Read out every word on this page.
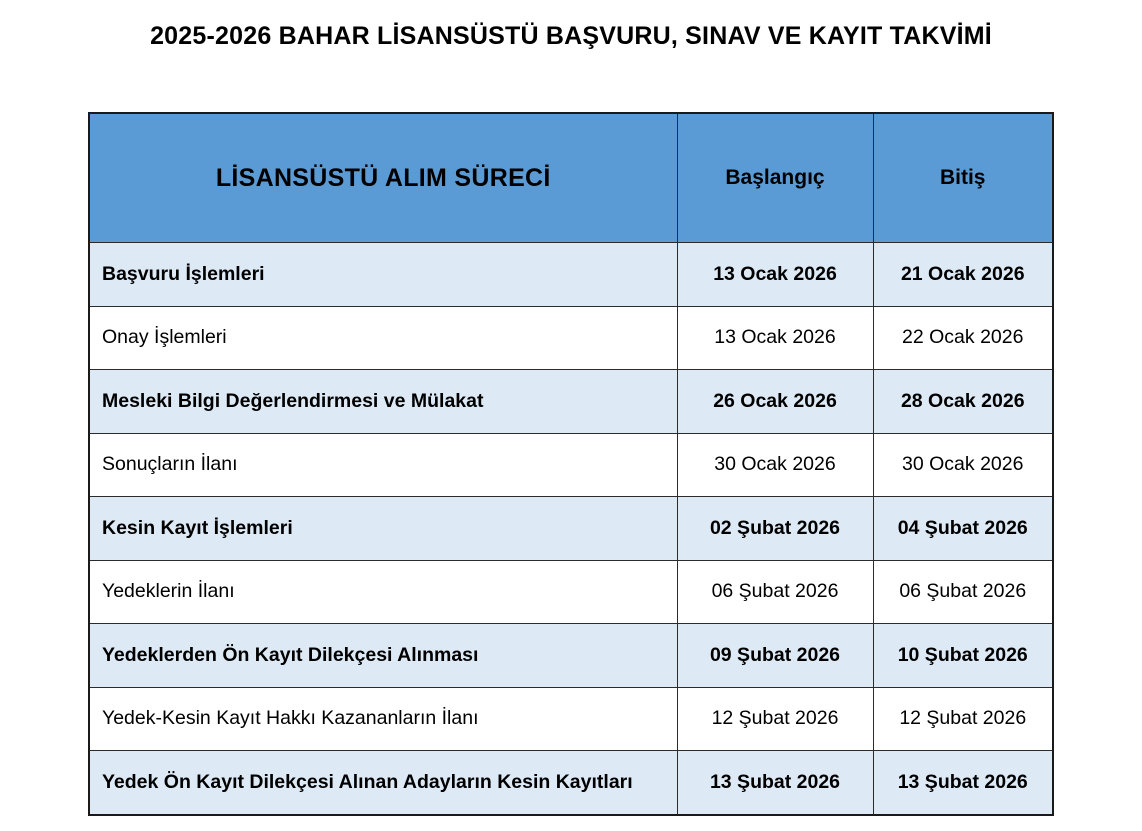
2025-2026 BAHAR LİSANSÜSTÜ BAŞVURU, SINAV VE KAYIT TAKVİMİ
LİSANSÜSTÜ ALIM SÜRECİ	Başlangıç	Bitiş
Başvuru İşlemleri	13 Ocak 2026	21 Ocak 2026
Onay İşlemleri	13 Ocak 2026	22 Ocak 2026
Mesleki Bilgi Değerlendirmesi ve Mülakat	26 Ocak 2026	28 Ocak 2026
Sonuçların İlanı	30 Ocak 2026	30 Ocak 2026
Kesin Kayıt İşlemleri	02 Şubat 2026	04 Şubat 2026
Yedeklerin İlanı	06 Şubat 2026	06 Şubat 2026
Yedeklerden Ön Kayıt Dilekçesi Alınması	09 Şubat 2026	10 Şubat 2026
Yedek-Kesin Kayıt Hakkı Kazananların İlanı	12 Şubat 2026	12 Şubat 2026
Yedek Ön Kayıt Dilekçesi Alınan Adayların Kesin Kayıtları	13 Şubat 2026	13 Şubat 2026
